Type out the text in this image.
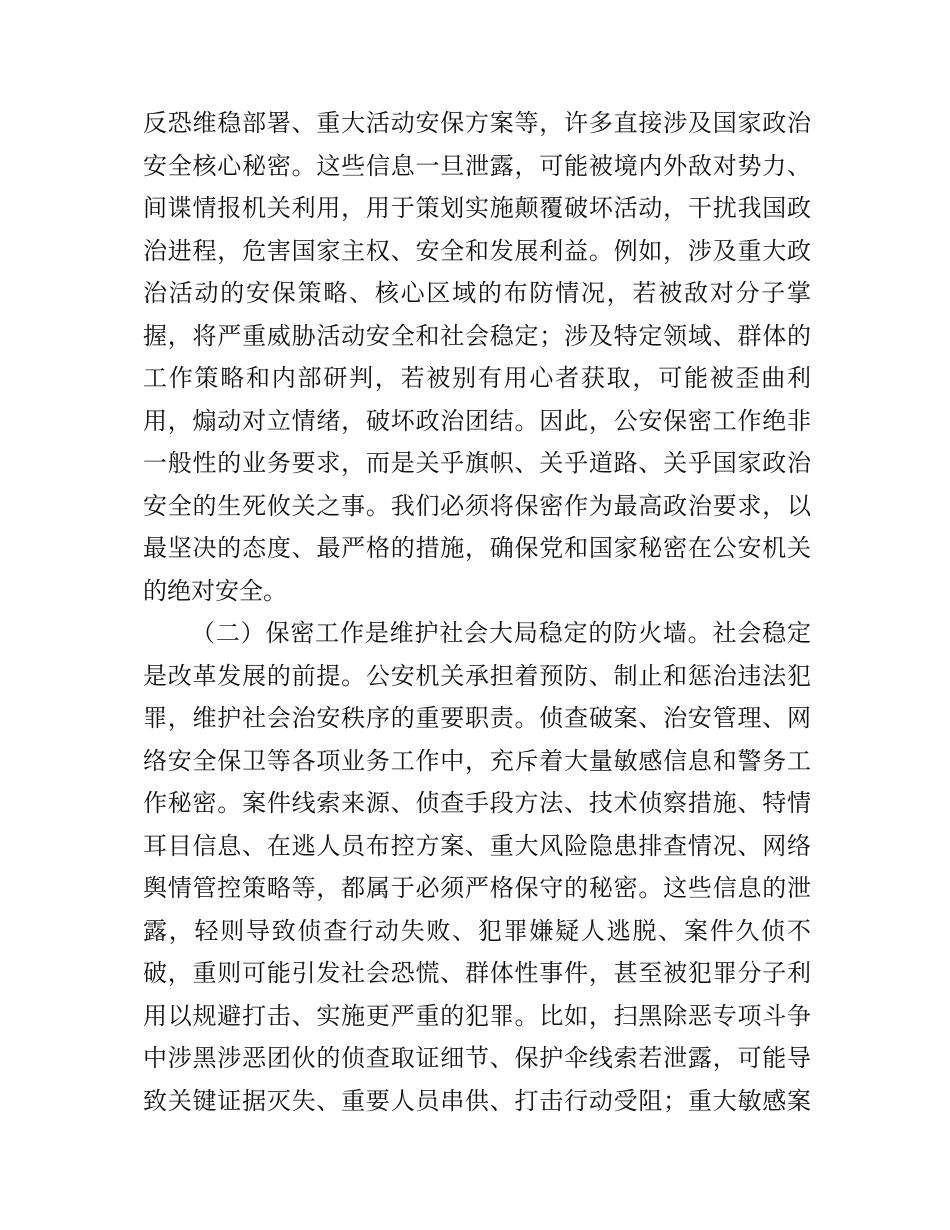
反恐维稳部署、重大活动安保方案等，许多直接涉及国家政治
安全核心秘密。这些信息一旦泄露，可能被境内外敌对势力、
间谍情报机关利用，用于策划实施颠覆破坏活动，干扰我国政
治进程，危害国家主权、安全和发展利益。例如，涉及重大政
治活动的安保策略、核心区域的布防情况，若被敌对分子掌
握，将严重威胁活动安全和社会稳定；涉及特定领域、群体的
工作策略和内部研判，若被别有用心者获取，可能被歪曲利
用，煽动对立情绪，破坏政治团结。因此，公安保密工作绝非
一般性的业务要求，而是关乎旗帜、关乎道路、关乎国家政治
安全的生死攸关之事。我们必须将保密作为最高政治要求，以
最坚决的态度、最严格的措施，确保党和国家秘密在公安机关
的绝对安全。
（二）保密工作是维护社会大局稳定的防火墙。社会稳定
是改革发展的前提。公安机关承担着预防、制止和惩治违法犯
罪，维护社会治安秩序的重要职责。侦查破案、治安管理、网
络安全保卫等各项业务工作中，充斥着大量敏感信息和警务工
作秘密。案件线索来源、侦查手段方法、技术侦察措施、特情
耳目信息、在逃人员布控方案、重大风险隐患排查情况、网络
舆情管控策略等，都属于必须严格保守的秘密。这些信息的泄
露，轻则导致侦查行动失败、犯罪嫌疑人逃脱、案件久侦不
破，重则可能引发社会恐慌、群体性事件，甚至被犯罪分子利
用以规避打击、实施更严重的犯罪。比如，扫黑除恶专项斗争
中涉黑涉恶团伙的侦查取证细节、保护伞线索若泄露，可能导
致关键证据灭失、重要人员串供、打击行动受阻；重大敏感案
